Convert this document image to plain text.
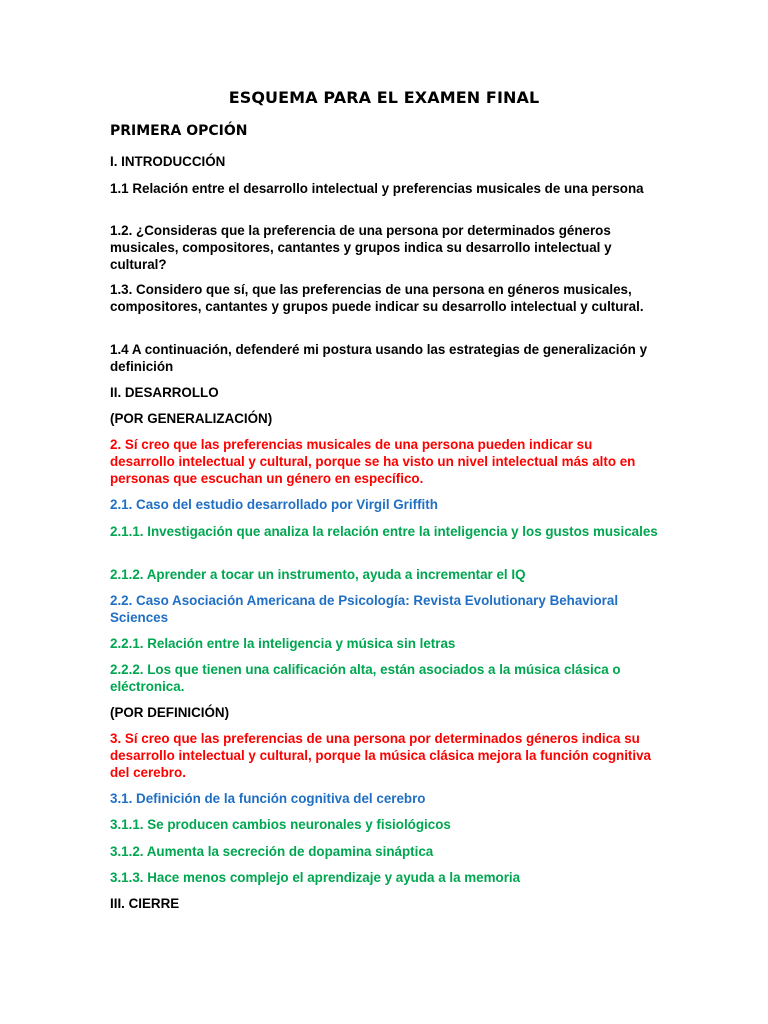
ESQUEMA PARA EL EXAMEN FINAL
PRIMERA OPCIÓN

I. INTRODUCCIÓN

1.1 Relación entre el desarrollo intelectual y preferencias musicales de una persona

1.2. ¿Consideras que la preferencia de una persona por determinados géneros musicales, compositores, cantantes y grupos indica su desarrollo intelectual y cultural?

1.3. Considero que sí, que las preferencias de una persona en géneros musicales, compositores, cantantes y grupos puede indicar su desarrollo intelectual y cultural.

1.4 A continuación, defenderé mi postura usando las estrategias de generalización y definición

II. DESARROLLO

(POR GENERALIZACIÓN)

2. Sí creo que las preferencias musicales de una persona pueden indicar su desarrollo intelectual y cultural, porque se ha visto un nivel intelectual más alto en personas que escuchan un género en específico.

2.1. Caso del estudio desarrollado por Virgil Griffith

2.1.1. Investigación que analiza la relación entre la inteligencia y los gustos musicales

2.1.2. Aprender a tocar un instrumento, ayuda a incrementar el IQ

2.2. Caso Asociación Americana de Psicología: Revista Evolutionary Behavioral Sciences

2.2.1. Relación entre la inteligencia y música sin letras

2.2.2. Los que tienen una calificación alta, están asociados a la música clásica o eléctronica.

(POR DEFINICIÓN)

3. Sí creo que las preferencias de una persona por determinados géneros indica su desarrollo intelectual y cultural, porque la música clásica mejora la función cognitiva del cerebro.

3.1. Definición de la función cognitiva del cerebro

3.1.1. Se producen cambios neuronales y fisiológicos

3.1.2. Aumenta la secreción de dopamina sináptica

3.1.3. Hace menos complejo el aprendizaje y ayuda a la memoria

III. CIERRE
